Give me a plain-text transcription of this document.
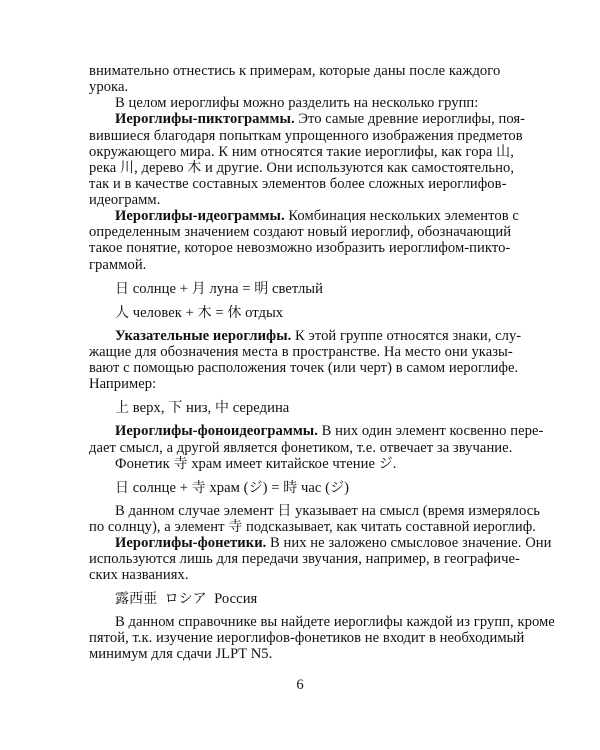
внимательно отнестись к примерам, которые даны после каждого
урока.
В целом иероглифы можно разделить на несколько групп:
Иероглифы-пиктограммы. Это самые древние иероглифы, поя-
вившиеся благодаря попыткам упрощенного изображения предметов
окружающего мира. К ним относятся такие иероглифы, как гора 山,
река 川, дерево 木 и другие. Они используются как самостоятельно,
так и в качестве составных элементов более сложных иероглифов-
идеограмм.
Иероглифы-идеограммы. Комбинация нескольких элементов с
определенным значением создают новый иероглиф, обозначающий
такое понятие, которое невозможно изобразить иероглифом-пикто-
граммой.
日 солнце + 月 луна = 明 светлый
人 человек + 木 = 休 отдых
Указательные иероглифы. К этой группе относятся знаки, слу-
жащие для обозначения места в пространстве. На место они указы-
вают с помощью расположения точек (или черт) в самом иероглифе.
Например:
上 верх, 下 низ, 中 середина
Иероглифы-фоноидеограммы. В них один элемент косвенно пере-
дает смысл, а другой является фонетиком, т.е. отвечает за звучание.
Фонетик 寺 храм имеет китайское чтение ジ.
日 солнце + 寺 храм (ジ) = 時 час (ジ)
В данном случае элемент 日 указывает на смысл (время измерялось
по солнцу), а элемент 寺 подсказывает, как читать составной иероглиф.
Иероглифы-фонетики. В них не заложено смысловое значение. Они
используются лишь для передачи звучания, например, в географиче-
ских названиях.
露西亜 ロシア Россия
В данном справочнике вы найдете иероглифы каждой из групп, кроме
пятой, т.к. изучение иероглифов-фонетиков не входит в необходимый
минимум для сдачи JLPT N5.
6
